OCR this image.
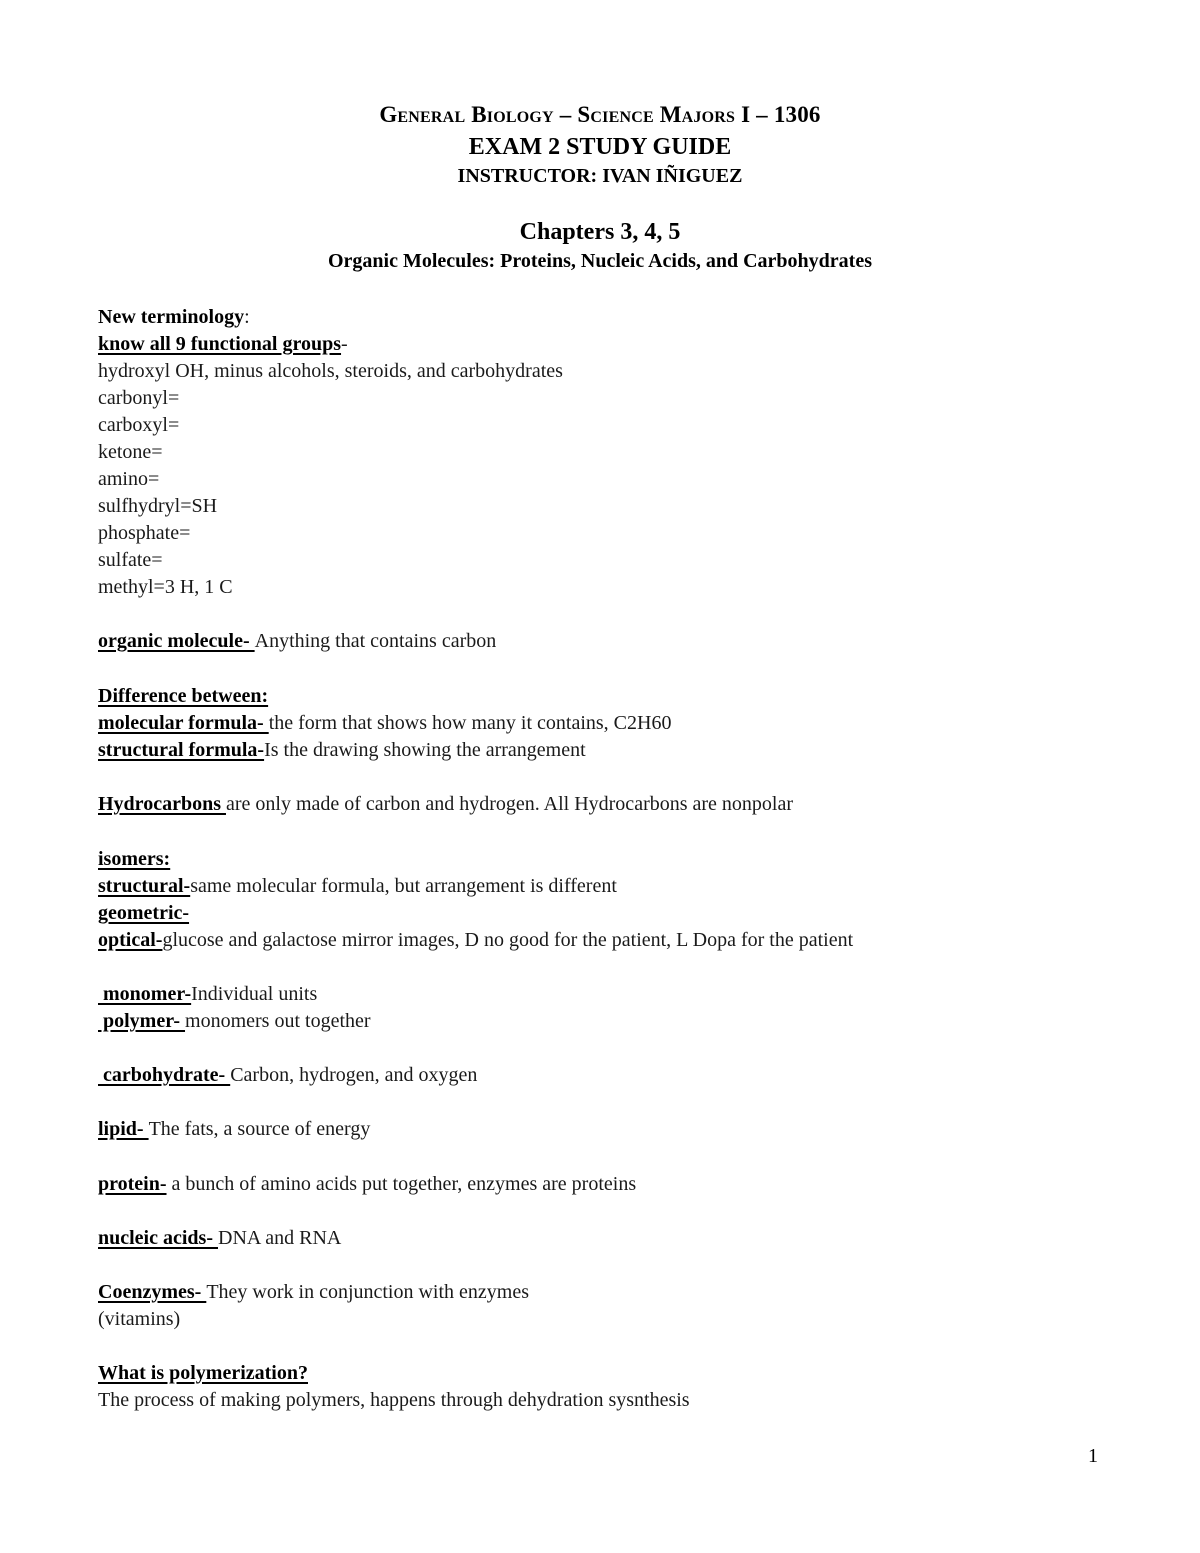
General Biology – Science Majors I – 1306
EXAM 2 STUDY GUIDE
INSTRUCTOR: IVAN IÑIGUEZ
Chapters 3, 4, 5
Organic Molecules: Proteins, Nucleic Acids, and Carbohydrates
New terminology:
know all 9 functional groups-
hydroxyl OH, minus alcohols, steroids, and carbohydrates
carbonyl=
carboxyl=
ketone=
amino=
sulfhydryl=SH
phosphate=
sulfate=
methyl=3 H, 1 C
organic molecule- Anything that contains carbon
Difference between:
molecular formula- the form that shows how many it contains, C2H60
structural formula-Is the drawing showing the arrangement
Hydrocarbons are only made of carbon and hydrogen. All Hydrocarbons are nonpolar
isomers:
structural-same molecular formula, but arrangement is different
geometric-
optical-glucose and galactose mirror images, D no good for the patient, L Dopa for the patient
monomer-Individual units
polymer- monomers out together
carbohydrate- Carbon, hydrogen, and oxygen
lipid- The fats, a source of energy
protein- a bunch of amino acids put together, enzymes are proteins
nucleic acids- DNA and RNA
Coenzymes- They work in conjunction with enzymes
(vitamins)
What is polymerization?
The process of making polymers, happens through dehydration sysnthesis
1
